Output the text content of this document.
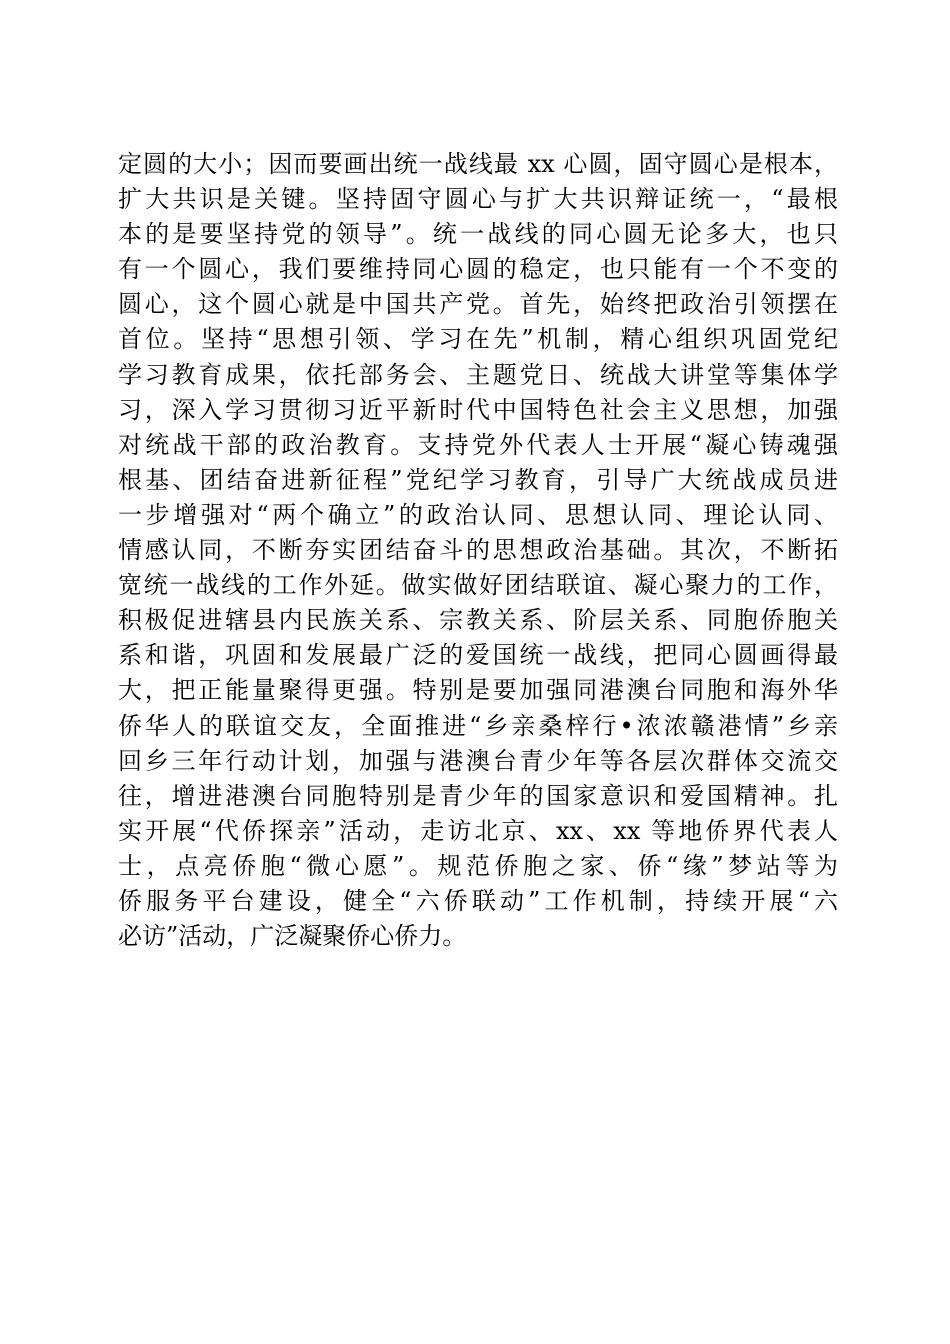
定圆的大小；因而要画出统一战线最 xx 心圆，固守圆心是根本，
扩大共识是关键。坚持固守圆心与扩大共识辩证统一，“最根
本的是要坚持党的领导”。统一战线的同心圆无论多大，也只
有一个圆心，我们要维持同心圆的稳定，也只能有一个不变的
圆心，这个圆心就是中国共产党。首先，始终把政治引领摆在
首位。坚持“思想引领、学习在先”机制，精心组织巩固党纪
学习教育成果，依托部务会、主题党日、统战大讲堂等集体学
习，深入学习贯彻习近平新时代中国特色社会主义思想，加强
对统战干部的政治教育。支持党外代表人士开展“凝心铸魂强
根基、团结奋进新征程”党纪学习教育，引导广大统战成员进
一步增强对“两个确立”的政治认同、思想认同、理论认同、
情感认同，不断夯实团结奋斗的思想政治基础。其次，不断拓
宽统一战线的工作外延。做实做好团结联谊、凝心聚力的工作，
积极促进辖县内民族关系、宗教关系、阶层关系、同胞侨胞关
系和谐，巩固和发展最广泛的爱国统一战线，把同心圆画得最
大，把正能量聚得更强。特别是要加强同港澳台同胞和海外华
侨华人的联谊交友，全面推进“乡亲桑梓行•浓浓赣港情”乡亲
回乡三年行动计划，加强与港澳台青少年等各层次群体交流交
往，增进港澳台同胞特别是青少年的国家意识和爱国精神。扎
实开展“代侨探亲”活动，走访北京、xx、xx 等地侨界代表人
士，点亮侨胞“微心愿”。规范侨胞之家、侨“缘”梦站等为
侨服务平台建设，健全“六侨联动”工作机制，持续开展“六
必访”活动，广泛凝聚侨心侨力。
